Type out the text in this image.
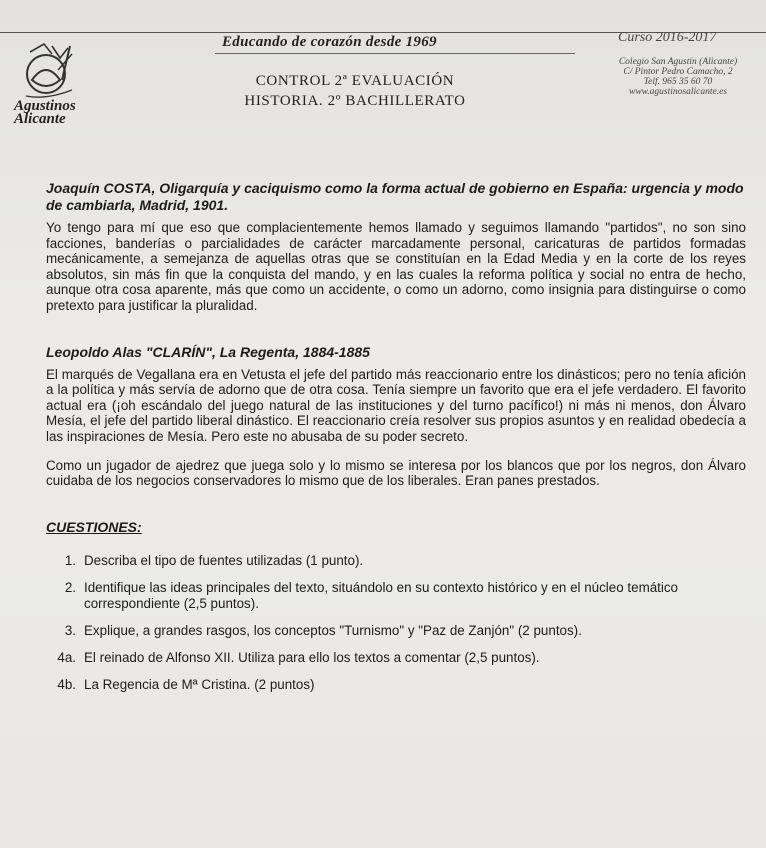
Agustinos
Alicante
Educando de corazón desde 1969	Curso 2016-2017
CONTROL 2ª EVALUACIÓN
HISTORIA. 2º BACHILLERATO
Colegio San Agustín (Alicante)
C/ Pintor Pedro Camacho, 2
Telf. 965 35 60 70
www.agustinosalicante.es

Joaquín COSTA, Oligarquía y caciquismo como la forma actual de gobierno en España: urgencia y modo de cambiarla, Madrid, 1901.

Yo tengo para mí que eso que complacientemente hemos llamado y seguimos llamando "partidos", no son sino facciones, banderías o parcialidades de carácter marcadamente personal, caricaturas de partidos formadas mecánicamente, a semejanza de aquellas otras que se constituían en la Edad Media y en la corte de los reyes absolutos, sin más fin que la conquista del mando, y en las cuales la reforma política y social no entra de hecho, aunque otra cosa aparente, más que como un accidente, o como un adorno, como insignia para distinguirse o como pretexto para justificar la pluralidad.

Leopoldo Alas "CLARÍN", La Regenta, 1884-1885

El marqués de Vegallana era en Vetusta el jefe del partido más reaccionario entre los dinásticos; pero no tenía afición a la política y más servía de adorno que de otra cosa. Tenía siempre un favorito que era el jefe verdadero. El favorito actual era (¡oh escándalo del juego natural de las instituciones y del turno pacífico!) ni más ni menos, don Álvaro Mesía, el jefe del partido liberal dinástico. El reaccionario creía resolver sus propios asuntos y en realidad obedecía a las inspiraciones de Mesía. Pero este no abusaba de su poder secreto.

Como un jugador de ajedrez que juega solo y lo mismo se interesa por los blancos que por los negros, don Álvaro cuidaba de los negocios conservadores lo mismo que de los liberales. Eran panes prestados.

CUESTIONES:

1. Describa el tipo de fuentes utilizadas (1 punto).
2. Identifique las ideas principales del texto, situándolo en su contexto histórico y en el núcleo temático correspondiente (2,5 puntos).
3. Explique, a grandes rasgos, los conceptos "Turnismo" y "Paz de Zanjón" (2 puntos).
4a. El reinado de Alfonso XII. Utiliza para ello los textos a comentar (2,5 puntos).
4b. La Regencia de Mª Cristina. (2 puntos)
